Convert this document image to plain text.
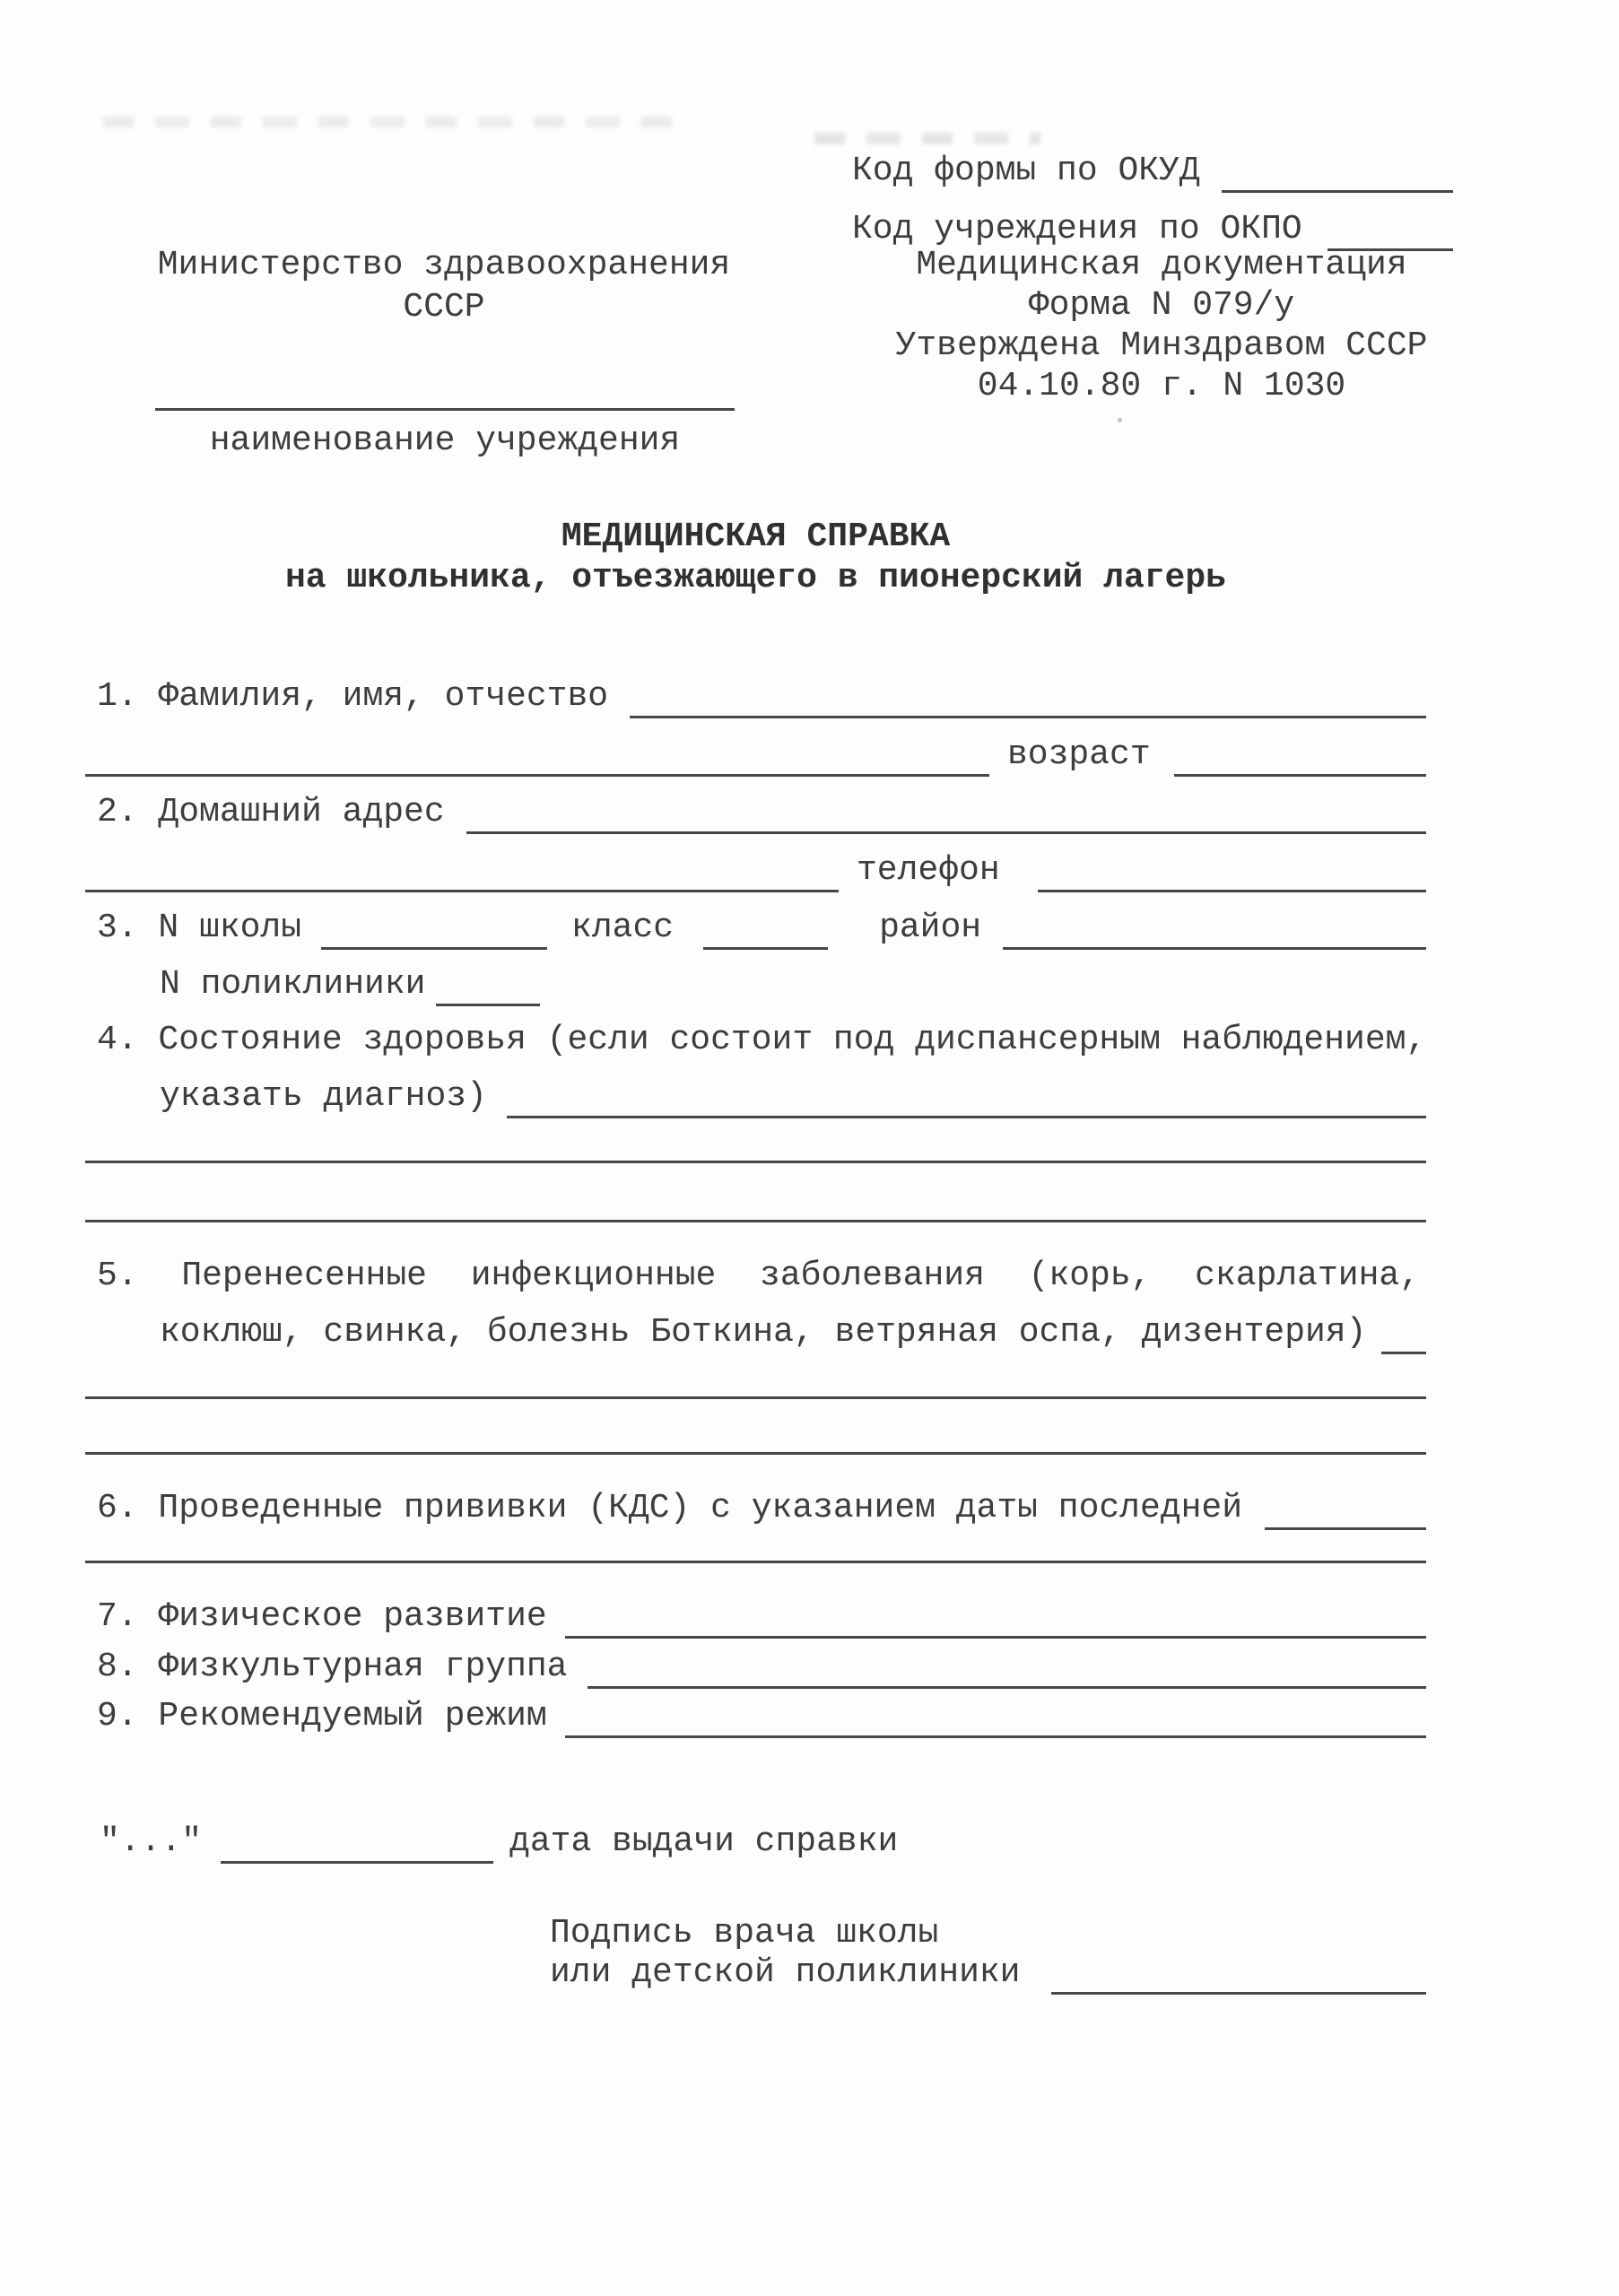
Код формы по ОКУД
Код учреждения по ОКПО
Министерство здравоохранения
СССР
Медицинская документация
Форма N 079/у
Утверждена Минздравом СССР
04.10.80 г. N 1030
наименование учреждения
МЕДИЦИНСКАЯ СПРАВКА
на школьника, отъезжающего в пионерский лагерь
1. Фамилия, имя, отчество
возраст
2. Домашний адрес
телефон
3. N школы	класс	район
N поликлиники
4. Состояние здоровья (если состоит под диспансерным наблюдением,
указать диагноз)
5. Перенесенные инфекционные заболевания (корь, скарлатина,
коклюш, свинка, болезнь Боткина, ветряная оспа, дизентерия)
6. Проведенные прививки (КДС) с указанием даты последней
7. Физическое развитие
8. Физкультурная группа
9. Рекомендуемый режим
"..."	дата выдачи справки
Подпись врача школы
или детской поликлиники
